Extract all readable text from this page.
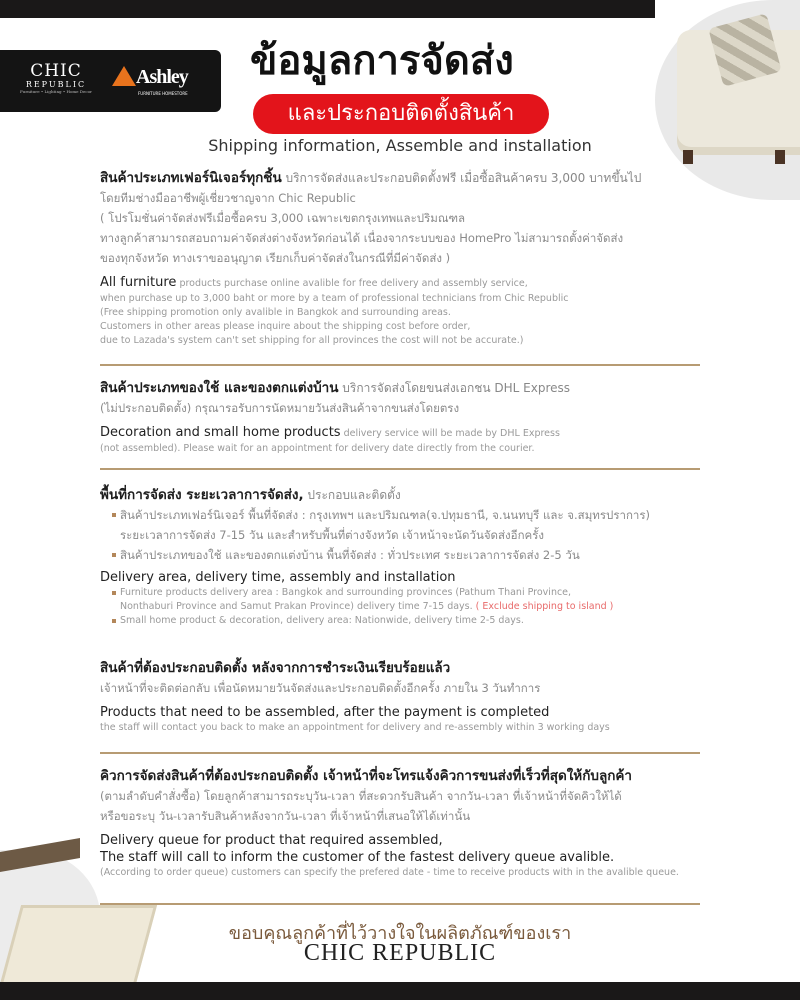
CHIC
REPUBLIC
Furniture • Lighting • Home Decor
Ashley
FURNITURE HOMESTORE
ข้อมูลการจัดส่ง
และประกอบติดตั้งสินค้า
Shipping information, Assemble and installation
สินค้าประเภทเฟอร์นิเจอร์ทุกชิ้น บริการจัดส่งและประกอบติดตั้งฟรี เมื่อซื้อสินค้าครบ 3,000 บาทขึ้นไป
โดยทีมช่างมืออาชีพผู้เชี่ยวชาญจาก Chic Republic
( โปรโมชั่นค่าจัดส่งฟรีเมื่อซื้อครบ 3,000 เฉพาะเขตกรุงเทพและปริมณฑล
ทางลูกค้าสามารถสอบถามค่าจัดส่งต่างจังหวัดก่อนได้ เนื่องจากระบบของ HomePro ไม่สามารถตั้งค่าจัดส่ง
ของทุกจังหวัด ทางเราขออนุญาต เรียกเก็บค่าจัดส่งในกรณีที่มีค่าจัดส่ง )
All furniture products purchase online avalible for free delivery and assembly service,
when purchase up to 3,000 baht or more by a team of professional technicians from Chic Republic
(Free shipping promotion only avalible in Bangkok and surrounding areas.
Customers in other areas please inquire about the shipping cost before order,
due to Lazada's system can't set shipping for all provinces the cost will not be accurate.)
สินค้าประเภทของใช้ และของตกแต่งบ้าน บริการจัดส่งโดยขนส่งเอกชน DHL Express
(ไม่ประกอบติดตั้ง) กรุณารอรับการนัดหมายวันส่งสินค้าจากขนส่งโดยตรง
Decoration and small home products delivery service will be made by DHL Express
(not assembled). Please wait for an appointment for delivery date directly from the courier.
พื้นที่การจัดส่ง ระยะเวลาการจัดส่ง, ประกอบและติดตั้ง
สินค้าประเภทเฟอร์นิเจอร์ พื้นที่จัดส่ง : กรุงเทพฯ และปริมณฑล(จ.ปทุมธานี, จ.นนทบุรี และ จ.สมุทรปราการ)
ระยะเวลาการจัดส่ง 7-15 วัน และสำหรับพื้นที่ต่างจังหวัด เจ้าหน้าจะนัดวันจัดส่งอีกครั้ง
สินค้าประเภทของใช้ และของตกแต่งบ้าน พื้นที่จัดส่ง : ทั่วประเทศ ระยะเวลาการจัดส่ง 2-5 วัน
Delivery area, delivery time, assembly and installation
Furniture products delivery area : Bangkok and surrounding provinces (Pathum Thani Province,
Nonthaburi Province and Samut Prakan Province) delivery time 7-15 days. ( Exclude shipping to island )
Small home product & decoration, delivery area: Nationwide, delivery time 2-5 days.
สินค้าที่ต้องประกอบติดตั้ง หลังจากการชำระเงินเรียบร้อยแล้ว
เจ้าหน้าที่จะติดต่อกลับ เพื่อนัดหมายวันจัดส่งและประกอบติดตั้งอีกครั้ง ภายใน 3 วันทำการ
Products that need to be assembled, after the payment is completed
the staff will contact you back to make an appointment for delivery and re-assembly within 3 working days
คิวการจัดส่งสินค้าที่ต้องประกอบติดตั้ง เจ้าหน้าที่จะโทรแจ้งคิวการขนส่งที่เร็วที่สุดให้กับลูกค้า
(ตามลำดับคำสั่งซื้อ) โดยลูกค้าสามารถระบุวัน-เวลา ที่สะดวกรับสินค้า จากวัน-เวลา ที่เจ้าหน้าที่จัดคิวให้ได้
หรือขอระบุ วัน-เวลารับสินค้าหลังจากวัน-เวลา ที่เจ้าหน้าที่เสนอให้ได้เท่านั้น
Delivery queue for product that required assembled,
The staff will call to inform the customer of the fastest delivery queue avalible.
(According to order queue) customers can specify the prefered date - time to receive products with in the avalible queue.
ขอบคุณลูกค้าที่ไว้วางใจในผลิตภัณฑ์ของเรา
CHIC REPUBLIC
